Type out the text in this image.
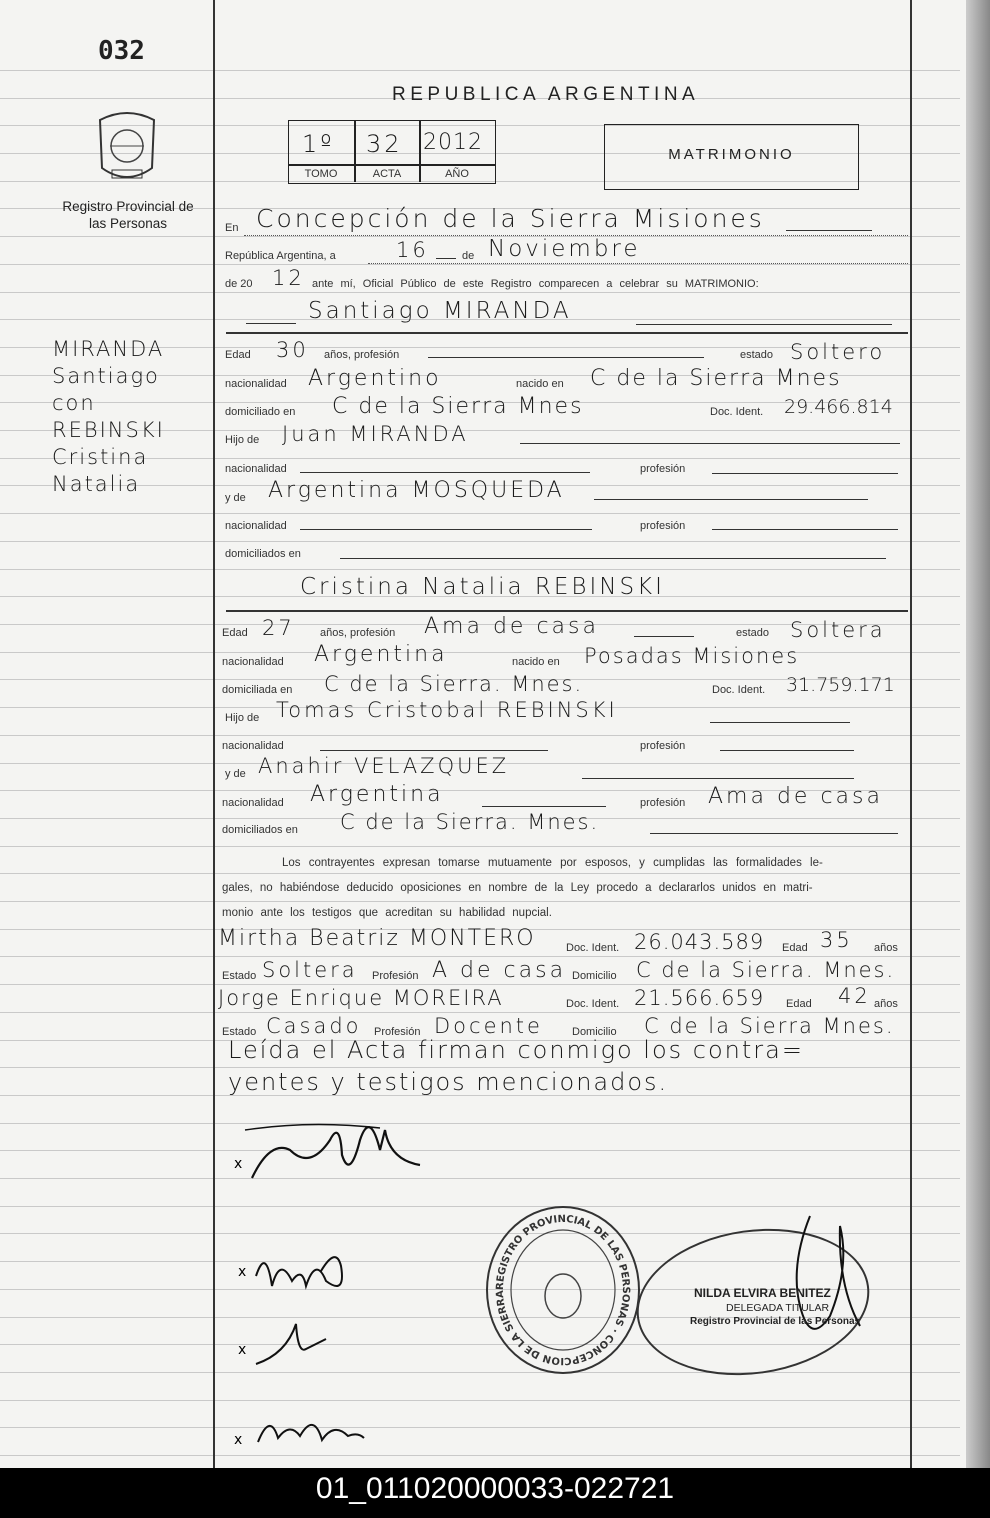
032
Registro Provincial de las Personas
REPUBLICA ARGENTINA
1º 32 2012
TOMO	ACTA	AÑO
MATRIMONIO
MIRANDA
Santiago
con
REBINSKI
Cristina
Natalia
En Concepción de la Sierra Misiones
República Argentina, a	16	de Noviembre
de 20 12 ante mí, Oficial Público de este Registro comparecen a celebrar su MATRIMONIO:
Santiago MIRANDA
Edad 30 años, profesión	estado Soltero
nacionalidad Argentino	nacido en C de la Sierra Mnes
domiciliado en C de la Sierra Mnes	Doc. Ident. 29.466.814
Hijo de Juan MIRANDA
nacionalidad	profesión
y de Argentina MOSQUEDA
nacionalidad	profesión
domiciliados en
Cristina Natalia REBINSKI
Edad 27 años, profesión Ama de casa	estado Soltera
nacionalidad Argentina	nacido en Posadas Misiones
domiciliada en C de la Sierra. Mnes.	Doc. Ident. 31.759.171
Hijo de Tomas Cristobal REBINSKI
nacionalidad	profesión
y de Anahir VELAZQUEZ
nacionalidad Argentina	profesión Ama de casa
domiciliados en C de la Sierra. Mnes.
Los contrayentes expresan tomarse mutuamente por esposos, y cumplidas las formalidades le-
gales, no habiéndose deducido oposiciones en nombre de la Ley procedo a declararlos unidos en matri-
monio ante los testigos que acreditan su habilidad nupcial.
Mirtha Beatriz MONTERO	Doc. Ident. 26.043.589 Edad 35 años
Estado Soltera Profesión A de casa Domicilio C de la Sierra. Mnes.
Jorge Enrique MOREIRA	Doc. Ident. 21.566.659 Edad 42 años
Estado Casado Profesión Docente	Domicilio C de la Sierra Mnes.
Leída el Acta firman conmigo los contra=
yentes y testigos mencionados.
x
x
x
x
REGISTRO PROVINCIAL DE LAS PERSONAS · CONCEPCION DE LA SIERRA	NILDA ELVIRA BENITEZ
DELEGADA TITULAR
Registro Provincial de las Personas
01_011020000033-022721
